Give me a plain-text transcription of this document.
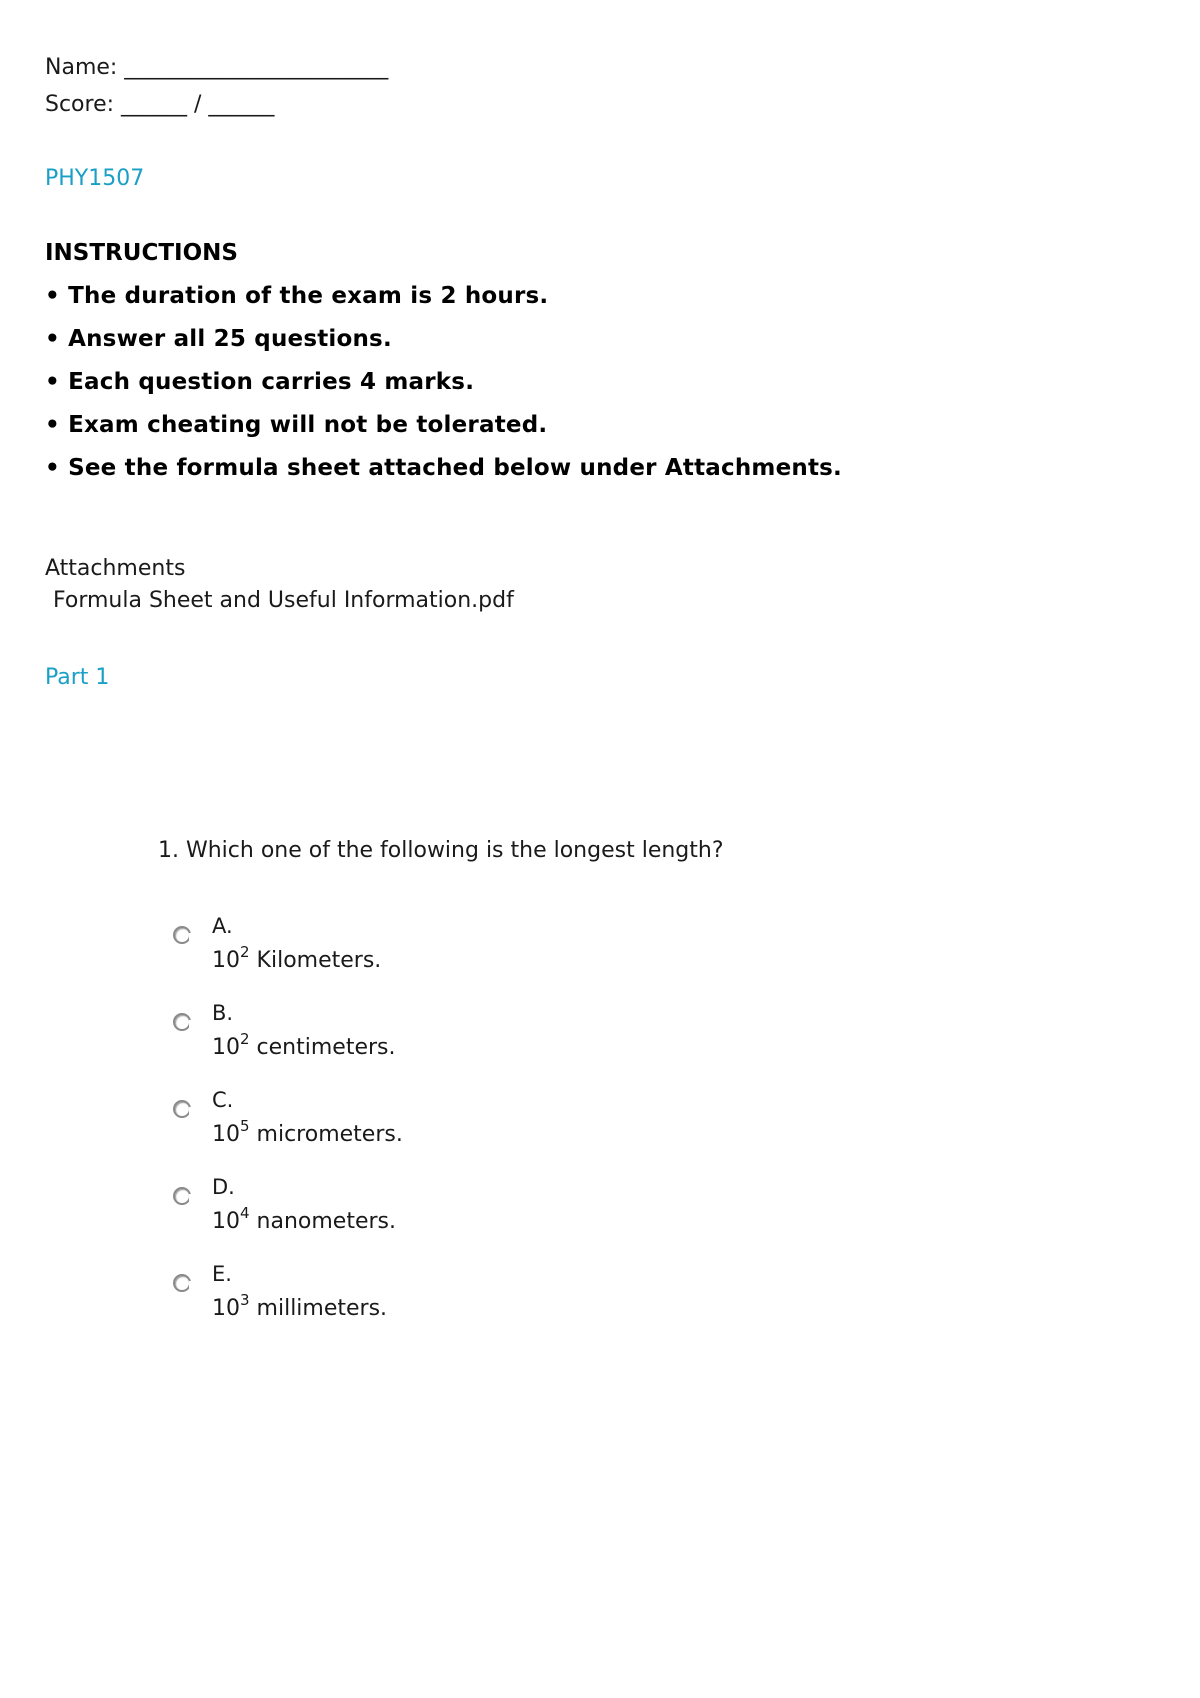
Name: ________________________
Score: ______ / ______
PHY1507
INSTRUCTIONS
• The duration of the exam is 2 hours.
• Answer all 25 questions.
• Each question carries 4 marks.
• Exam cheating will not be tolerated.
• See the formula sheet attached below under Attachments.
Attachments
Formula Sheet and Useful Information.pdf
Part 1
1. Which one of the following is the longest length?
A.
$10^2$ Kilometers.
B.
$10^2$ centimeters.
C.
$10^5$ micrometers.
D.
$10^4$ nanometers.
E.
$10^3$ millimeters.
